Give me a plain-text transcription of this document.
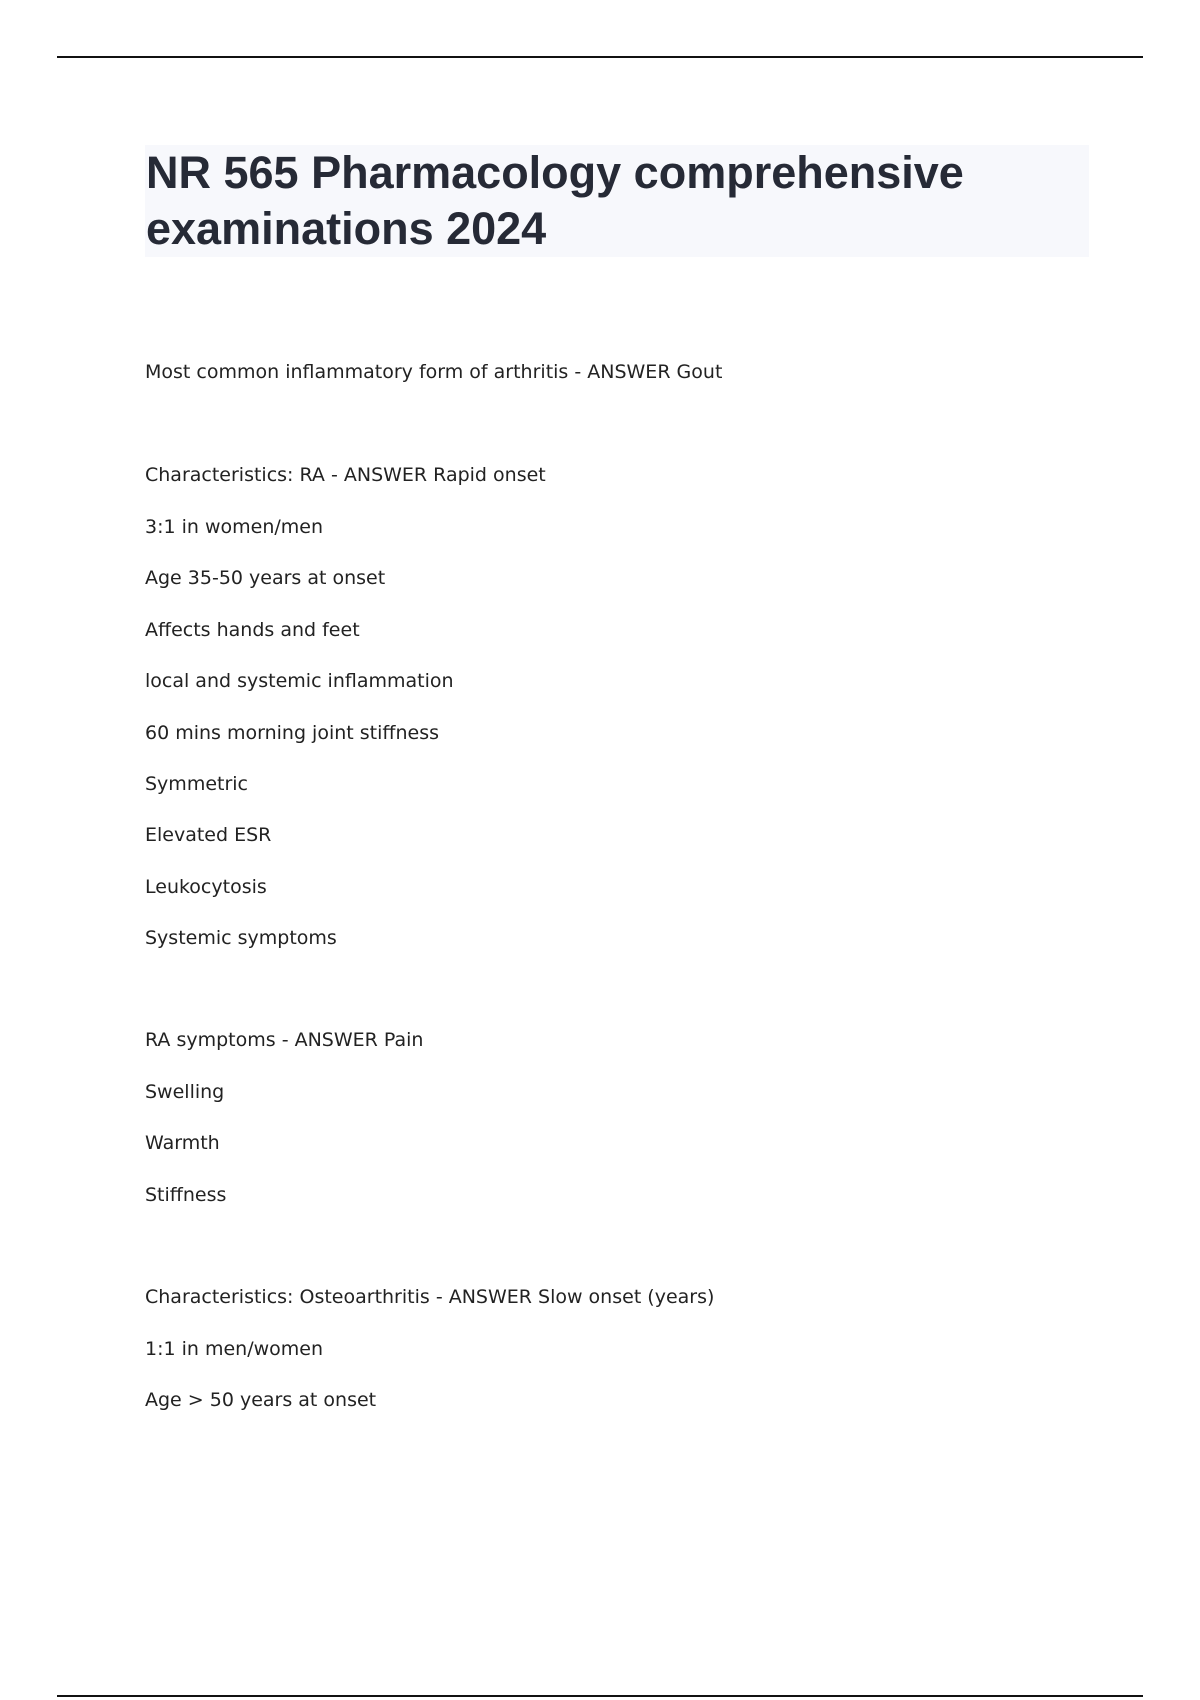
NR 565 Pharmacology comprehensive examinations 2024
Most common inflammatory form of arthritis - ANSWER Gout
Characteristics: RA - ANSWER Rapid onset
3:1 in women/men
Age 35-50 years at onset
Affects hands and feet
local and systemic inflammation
60 mins morning joint stiffness
Symmetric
Elevated ESR
Leukocytosis
Systemic symptoms
RA symptoms - ANSWER Pain
Swelling
Warmth
Stiffness
Characteristics: Osteoarthritis - ANSWER Slow onset (years)
1:1 in men/women
Age > 50 years at onset
